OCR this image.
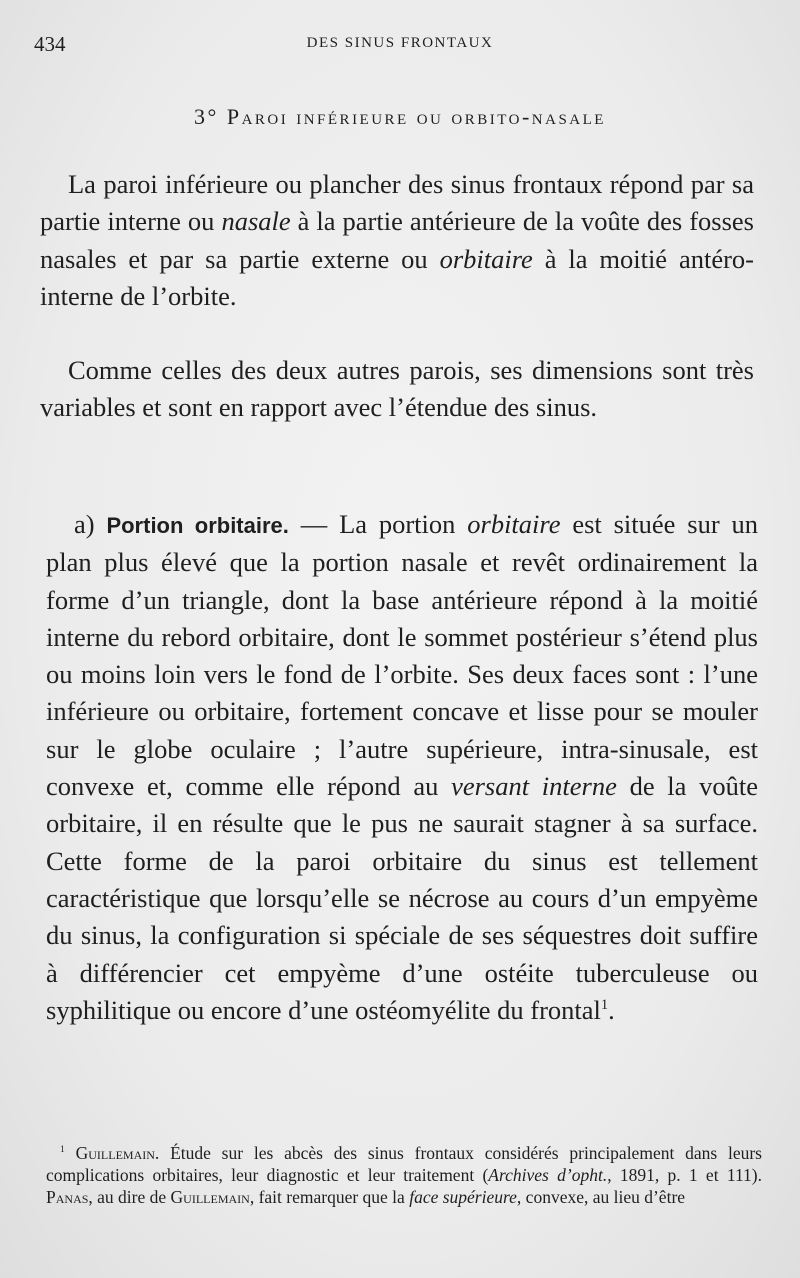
434	DES SINUS FRONTAUX
3° Paroi inférieure ou orbito-nasale

La paroi inférieure ou plancher des sinus frontaux répond par sa partie interne ou nasale à la partie antérieure de la voûte des fosses nasales et par sa partie externe ou orbitaire à la moitié antéro-interne de l’orbite.

Comme celles des deux autres parois, ses dimensions sont très variables et sont en rapport avec l’étendue des sinus.

a) Portion orbitaire. — La portion orbitaire est située sur un plan plus élevé que la portion nasale et revêt ordinairement la forme d’un triangle, dont la base antérieure répond à la moitié interne du rebord orbitaire, dont le sommet postérieur s’étend plus ou moins loin vers le fond de l’orbite. Ses deux faces sont : l’une inférieure ou orbitaire, fortement concave et lisse pour se mouler sur le globe oculaire ; l’autre supérieure, intra-sinusale, est convexe et, comme elle répond au versant interne de la voûte orbitaire, il en résulte que le pus ne saurait stagner à sa surface. Cette forme de la paroi orbitaire du sinus est tellement caractéristique que lorsqu’elle se nécrose au cours d’un empyème du sinus, la configuration si spéciale de ses séquestres doit suffire à différencier cet empyème d’une ostéite tuberculeuse ou syphilitique ou encore d’une ostéomyélite du frontal$^1$.

$^1$ Guillemain. Étude sur les abcès des sinus frontaux considérés principalement dans leurs complications orbitaires, leur diagnostic et leur traitement (Archives d’opht., 1891, p. 1 et 111). Panas, au dire de Guillemain, fait remarquer que la face supérieure, convexe, au lieu d’être
